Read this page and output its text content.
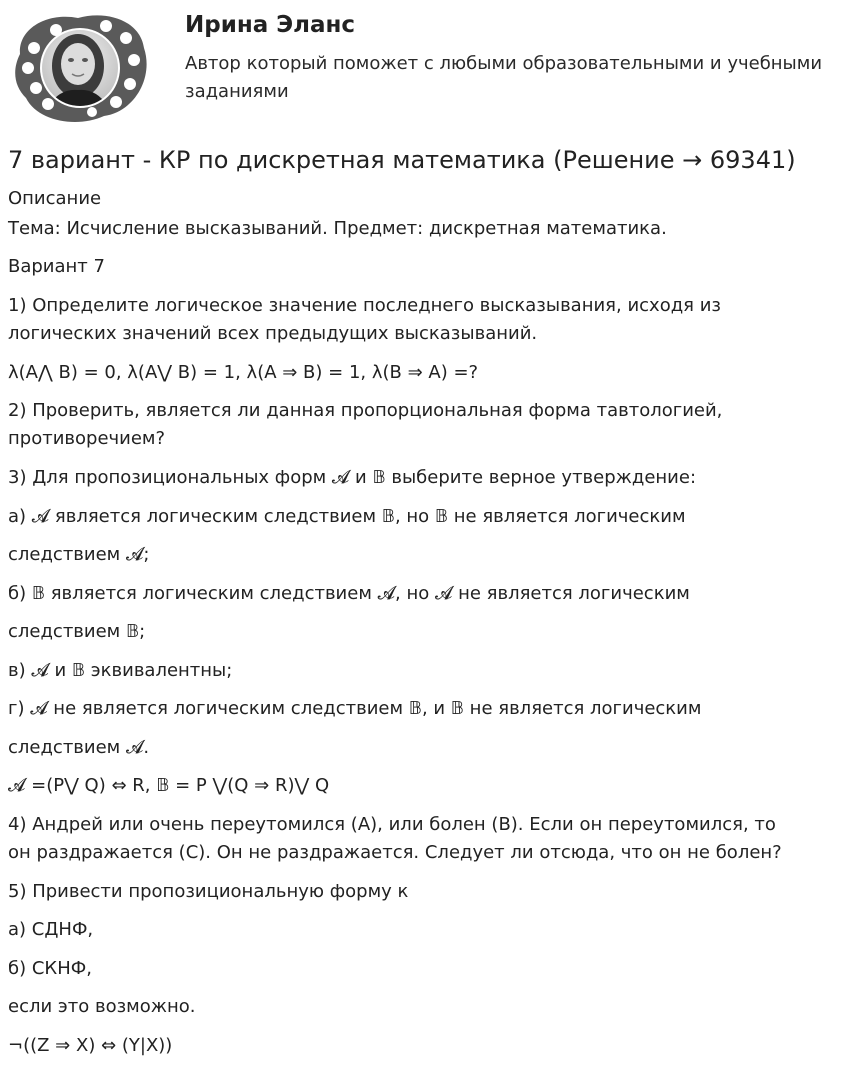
Ирина Эланс
Автор который поможет с любыми образовательными и учебными заданиями
7 вариант - КР по дискретная математика (Решение → 69341)
Описание
Тема: Исчисление высказываний. Предмет: дискретная математика.
Вариант 7
1) Определите логическое значение последнего высказывания, исходя из
логических значений всех предыдущих высказываний.
λ(A⋀ B) = 0, λ(A⋁ B) = 1, λ(A ⇒ B) = 1, λ(B ⇒ A) =?
2) Проверить, является ли данная пропорциональная форма тавтологией,
противоречием?
3) Для пропозициональных форм 𝓐 и 𝔹 выберите верное утверждение:
а) 𝓐 является логическим следствием 𝔹, но 𝔹 не является логическим
следствием 𝓐;
б) 𝔹 является логическим следствием 𝓐, но 𝓐 не является логическим
следствием 𝔹;
в) 𝓐 и 𝔹 эквивалентны;
г) 𝓐 не является логическим следствием 𝔹, и 𝔹 не является логическим
следствием 𝓐.
𝓐 =(P⋁ Q) ⇔ R, 𝔹 = P ⋁(Q ⇒ R)⋁ Q
4) Андрей или очень переутомился (A), или болен (B). Если он переутомился, то
он раздражается (C). Он не раздражается. Следует ли отсюда, что он не болен?
5) Привести пропозициональную форму к
а) СДНФ,
б) СКНФ,
если это возможно.
¬((Z ⇒ X) ⇔ (Y|X))
